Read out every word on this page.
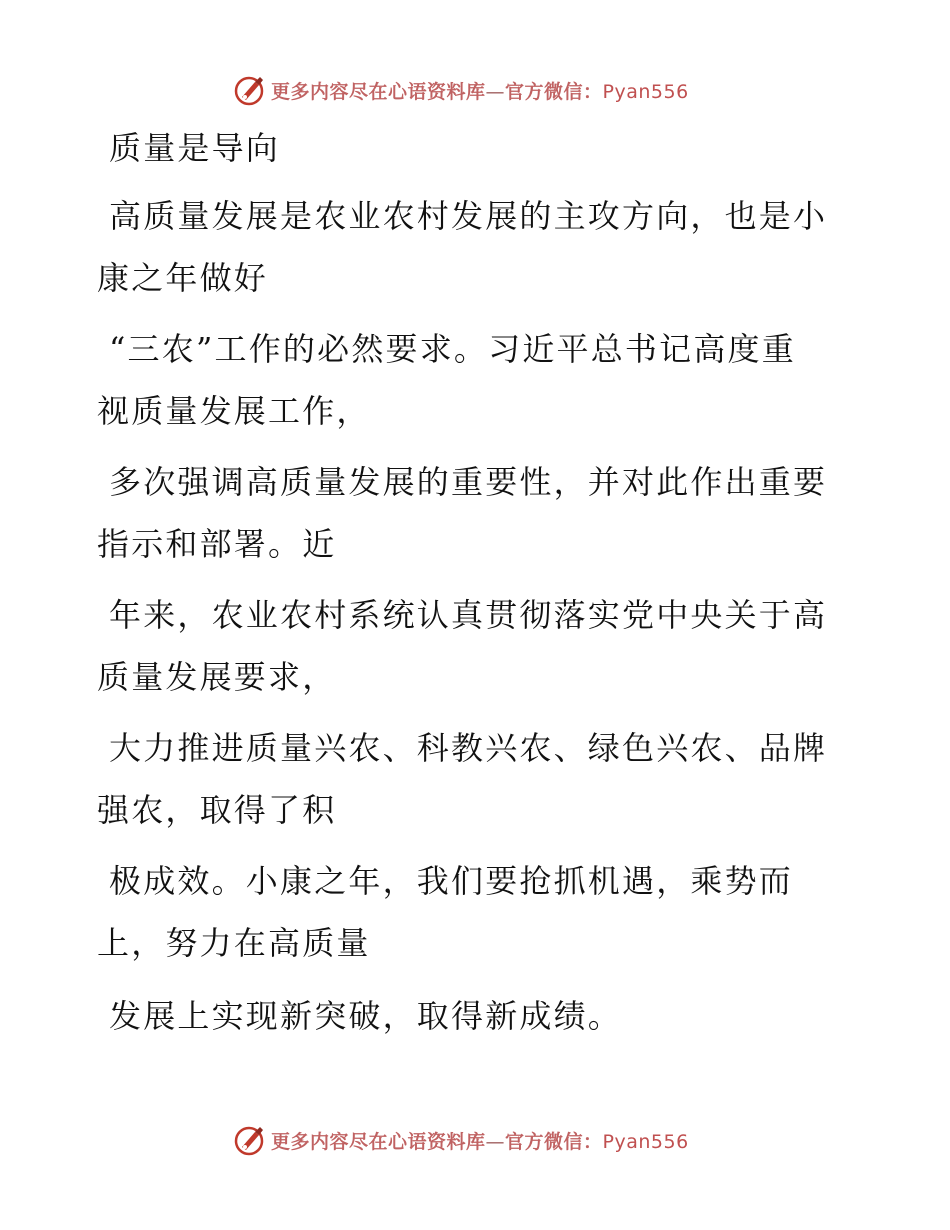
更多内容尽在心语资料库—官方微信：Pyan556
质量是导向
高质量发展是农业农村发展的主攻方向，也是小
康之年做好
“三农”工作的必然要求。习近平总书记高度重
视质量发展工作，
多次强调高质量发展的重要性，并对此作出重要
指示和部署。近
年来，农业农村系统认真贯彻落实党中央关于高
质量发展要求，
大力推进质量兴农、科教兴农、绿色兴农、品牌
强农，取得了积
极成效。小康之年，我们要抢抓机遇，乘势而
上，努力在高质量
发展上实现新突破，取得新成绩。
更多内容尽在心语资料库—官方微信：Pyan556
